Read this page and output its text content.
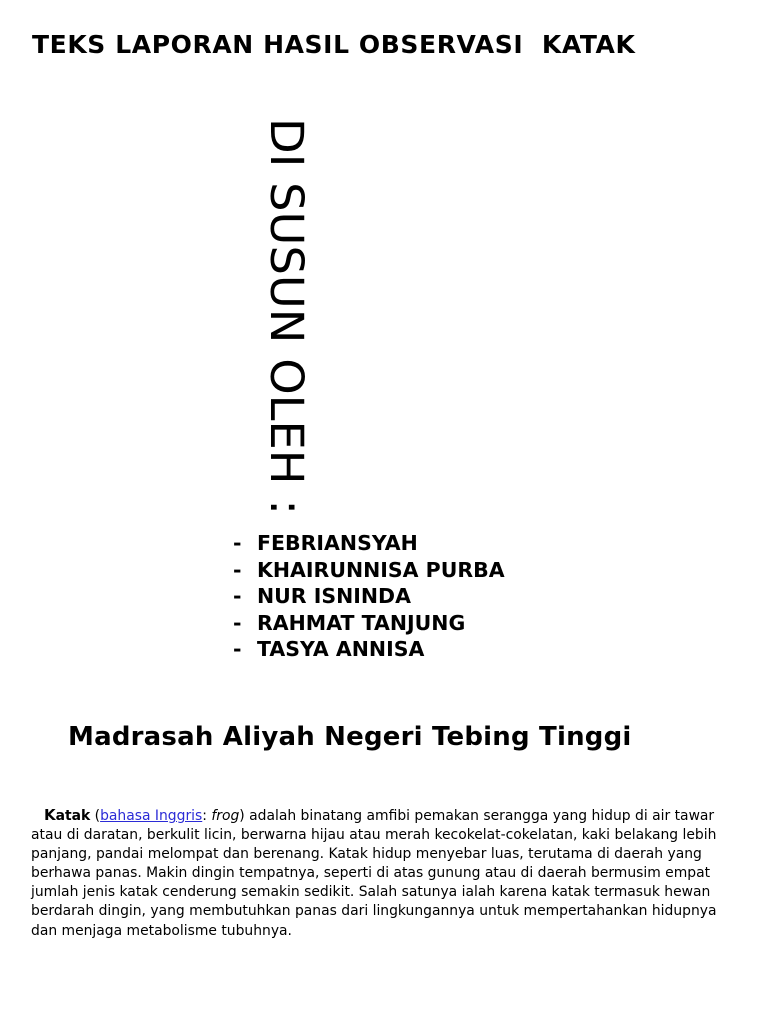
TEKS LAPORAN HASIL OBSERVASI  KATAK
DI SUSUN OLEH :
- FEBRIANSYAH
- KHAIRUNNISA PURBA
- NUR ISNINDA
- RAHMAT TANJUNG
- TASYA ANNISA
Madrasah Aliyah Negeri Tebing Tinggi
Katak (bahasa Inggris: frog) adalah binatang amfibi pemakan serangga yang hidup di air tawar
atau di daratan, berkulit licin, berwarna hijau atau merah kecokelat-cokelatan, kaki belakang lebih
panjang, pandai melompat dan berenang. Katak hidup menyebar luas, terutama di daerah yang
berhawa panas. Makin dingin tempatnya, seperti di atas gunung atau di daerah bermusim empat
jumlah jenis katak cenderung semakin sedikit. Salah satunya ialah karena katak termasuk hewan
berdarah dingin, yang membutuhkan panas dari lingkungannya untuk mempertahankan hidupnya
dan menjaga metabolisme tubuhnya.
